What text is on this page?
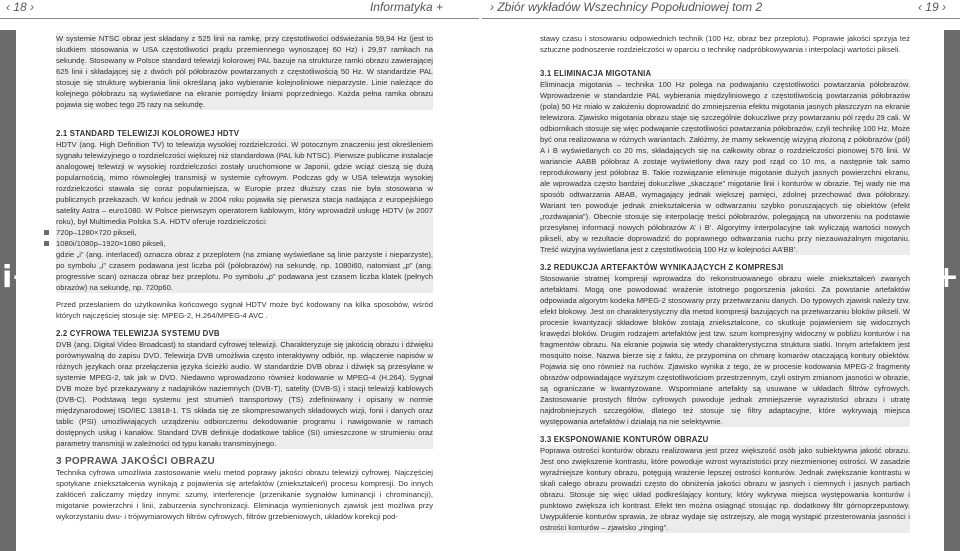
‹ 18 ›	Informatyka +	› Zbiór wykładów Wszechnicy Popołudniowej tom 2	‹ 19 ›
i+	i+

W systemie NTSC obraz jest składany z 525 linii na ramkę, przy częstotliwości odświeżania 59,94 Hz (jest to skutkiem stosowania w USA częstotliwości prądu przemiennego wynoszącej 60 Hz) i 29,97 ramkach na sekundę. Stosowany w Polsce standard telewizji kolorowej PAL bazuje na strukturze ramki obrazu zawierającej 625 linii i składającej się z dwóch pól półobrazów powtarzanych z częstotliwością 50 Hz. W standardzie PAL stosuje się strukturę wybierania linii określaną jako wybieranie kolejnoliniowe nieparzyste. Linie należące do kolejnego półobrazu są wyświetlane na ekranie pomiędzy liniami poprzedniego. Każda pełna ramka obrazu pojawia się wobec tego 25 razy na sekundę.

2.1 STANDARD TELEWIZJI KOLOROWEJ HDTV

HDTV (ang. High Definition TV) to telewizja wysokiej rozdzielczości. W potocznym znaczeniu jest określeniem sygnału telewizyjnego o rozdzielczości większej niż standardowa (PAL lub NTSC). Pierwsze publiczne instalacje analogowej telewizji w wysokiej rozdzielczości zostały uruchomione w Japonii, gdzie wciąż cieszą się dużą popularnością, mimo równoległej transmisji w systemie cyfrowym. Podczas gdy w USA telewizja wysokiej rozdzielczości stawała się coraz popularniejsza, w Europie przez dłuższy czas nie była stosowana w publicznych przekazach. W końcu jednak w 2004 roku pojawiła się pierwsza stacja nadająca z europejskiego satelity Astra – euro1080. W Polsce pierwszym operatorem kablowym, który wprowadził usługę HDTV (w 2007 roku), był Multimedia Polska S.A. HDTV oferuje rozdzielczości:

720p–1280×720 pikseli,

1080i/1080p–1920×1080 pikseli,

gdzie „i” (ang. interlaced) oznacza obraz z przeplotem (na zmianę wyświetlane są linie parzyste i nieparzyste), po symbolu „i” czasem podawana jest liczba pól (półobrazów) na sekundę, np. 1080i60, natomiast „p” (ang. progressive scan) oznacza obraz bez przeplotu. Po symbolu „p” podawana jest czasem liczba klatek (pełnych obrazów) na sekundę, np. 720p60.

Przed przesłaniem do użytkownika końcowego sygnał HDTV może być kodowany na kilka sposobów, wśród których najczęściej stosuje się: MPEG-2, H.264/MPEG-4 AVC .

2.2 CYFROWA TELEWIZJA SYSTEMU DVB

DVB (ang. Digital Video Broadcast) to standard cyfrowej telewizji. Charakteryzuje się jakością obrazu i dźwięku porównywalną do zapisu DVD. Telewizja DVB umożliwia często interaktywny odbiór, np. włączenie napisów w różnych językach oraz przełączenia języka ścieżki audio. W standardzie DVB obraz i dźwięk są przesyłane w systemie MPEG-2, tak jak w DVD. Niedawno wprowadzono również kodowanie w MPEG-4 (H.264). Sygnał DVB może być przekazywany z nadajników naziemnych (DVB-T), satelity (DVB-S) i stacji telewizji kablowych (DVB-C). Podstawą tego systemu jest strumień transportowy (TS) zdefiniowany i opisany w normie międzynarodowej ISO/IEC 13818-1. TS składa się ze skompresowanych składowych wizji, fonii i danych oraz tablic (PSI) umożliwiających urządzeniu odbiorczemu dekodowanie programu i nawigowanie w ramach dostępnych usług i kanałów. Standard DVB definiuje dodatkowe tablice (SI) umieszczone w strumieniu oraz parametry transmisji w zależności od typu kanału transmisyjnego.

3 POPRAWA JAKOŚCI OBRAZU

Technika cyfrowa umożliwia zastosowanie wielu metod poprawy jakości obrazu telewizji cyfrowej. Najczęściej spotykane zniekształcenia wynikają z pojawienia się artefaktów (zniekształceń) procesu kompresji. Do innych zakłóceń zaliczamy między innymi: szumy, interferencje (przenikanie sygnałów luminancji i chrominancji), migotanie powierzchni i linii, zaburzenia synchronizacji. Eliminacja wymienionych zjawisk jest możliwa przy wykorzystaniu dwu- i trójwymiarowych filtrów cyfrowych, filtrów grzebieniowych, układów korekcji pod-

stawy czasu i stosowaniu odpowiednich technik (100 Hz, obraz bez przeplotu). Poprawie jakości sprzyja też sztuczne podnoszenie rozdzielczości w oparciu o technikę nadpróbkowywania i interpolacji wartości pikseli.

3.1 ELIMINACJA MIGOTANIA

Eliminacja migotania – technika 100 Hz polega na podwajaniu częstotliwości powtarzania półobrazów. Wprowadzenie w standardzie PAL wybierania międzyliniowego z częstotliwością powtarzania półobrazów (pola) 50 Hz miało w założeniu doprowadzić do zmniejszenia efektu migotania jasnych płaszczyzn na ekranie telewizora. Zjawisko migotania obrazu staje się szczególnie dokuczliwe przy powtarzaniu pól rzędu 29 cali. W odbiornikach stosuje się więc podwajanie częstotliwości powtarzania półobrazów, czyli technikę 100 Hz. Może być ona realizowana w różnych wariantach. Załóżmy, że mamy sekwencję wizyjną złożoną z półobrazów (pól) A i B wyświetlanych co 20 ms, składających się na całkowity obraz o rozdzielczości pionowej 576 linii. W wariancie AABB półobraz A zostaje wyświetlony dwa razy pod rząd co 10 ms, a następnie tak samo reprodukowany jest półobraz B. Takie rozwiązanie eliminuje migotanie dużych jasnych powierzchni ekranu, ale wprowadza często bardziej dokuczliwe „skaczące” migotanie linii i konturów w obrazie. Tej wady nie ma sposób odtwarzania ABAB, wymagający jednak większej pamięci, zdolnej przechować dwa półobrazy. Wariant ten powoduje jednak zniekształcenia w odtwarzaniu szybko poruszających się obiektów (efekt „rozdwajania”). Obecnie stosuje się interpolację treści półobrazów, polegającą na utworzeniu na podstawie przesyłanej informacji nowych półobrazów A’ i B’. Algorytmy interpolacyjne tak wyliczają wartości nowych pikseli, aby w rezultacie doprowadzić do poprawnego odtwarzania ruchu przy niezauważalnym migotaniu. Treść wizyjna wyświetlana jest z częstotliwością 100 Hz w kolejności AA’BB’.

3.2 REDUKCJA ARTEFAKTÓW WYNIKAJĄCYCH Z KOMPRESJI

Stosowanie stratnej kompresji wprowadza do rekonstruowanego obrazu wiele zniekształceń zwanych artefaktami. Mogą one powodować wrażenie istotnego pogorszenia jakości. Za powstanie artefaktów odpowiada algorytm kodeka MPEG-2 stosowany przy przetwarzaniu danych. Do typowych zjawisk należy tzw. efekt blokowy. Jest on charakterystyczny dla metod kompresji bazujących na przetwarzaniu bloków pikseli. W procesie kwantyzacji składowe bloków zostają zniekształcone, co skutkuje pojawieniem się widocznych krawędzi bloków. Drugim rodzajem artefaktów jest tzw. szum kompresyjny widoczny w pobliżu konturów i na fragmentów obrazu. Na ekranie pojawia się wtedy charakterystyczna struktura siatki. Innym artefaktem jest mosquito noise. Nazwa bierze się z faktu, że przypomina on chmarę komarów otaczającą kontury obiektów. Pojawia się ono również na ruchów. Zjawisko wynika z tego, że w procesie kodowania MPEG-2 fragmenty obrazów odpowiadające wyższym częstotliwościom przestrzennym, czyli ostrym zmianom jasności w obrazie, są ograniczane w kwantyzowane. Wspomniane artefakty są usuwane w układach filtrów cyfrowych. Zastosowanie prostych filtrów cyfrowych powoduje jednak zmniejszenie wyrazistości obrazu i utratę najdrobniejszych szczegółów, dlatego też stosuje się filtry adaptacyjne, które wykrywają miejsca występowania artefaktów i działają na nie selektywnie.

3.3 EKSPONOWANIE KONTURÓW OBRAZU

Poprawa ostrości konturów obrazu realizowana jest przez większość osób jako subiektywna jakość obrazu. Jest ono zwiększenie kontrastu, które powoduje wzrost wyrazistości przy niezmienionej ostrości. W zasadzie wyraźniejsze kontury obrazu, potęgują wrażenie lepszej ostrości konturów. Jednak zwiększanie kontrastu w skali całego obrazu prowadzi często do obniżenia jakości obrazu w jasnych i ciemnych i jasnych partiach obrazu. Stosuje się więc układ podkreślający kontury, który wykrywa miejsca występowania konturów i punktowo zwiększa ich kontrast. Efekt ten można osiągnąć stosując np. dodatkowy filtr górnoprzepustowy. Uwypuklenie konturów sprawia, że obraz wydaje się ostrzejszy, ale mogą wystąpić przesterowania jasności i ostrości konturów – zjawisko „ringing”.
